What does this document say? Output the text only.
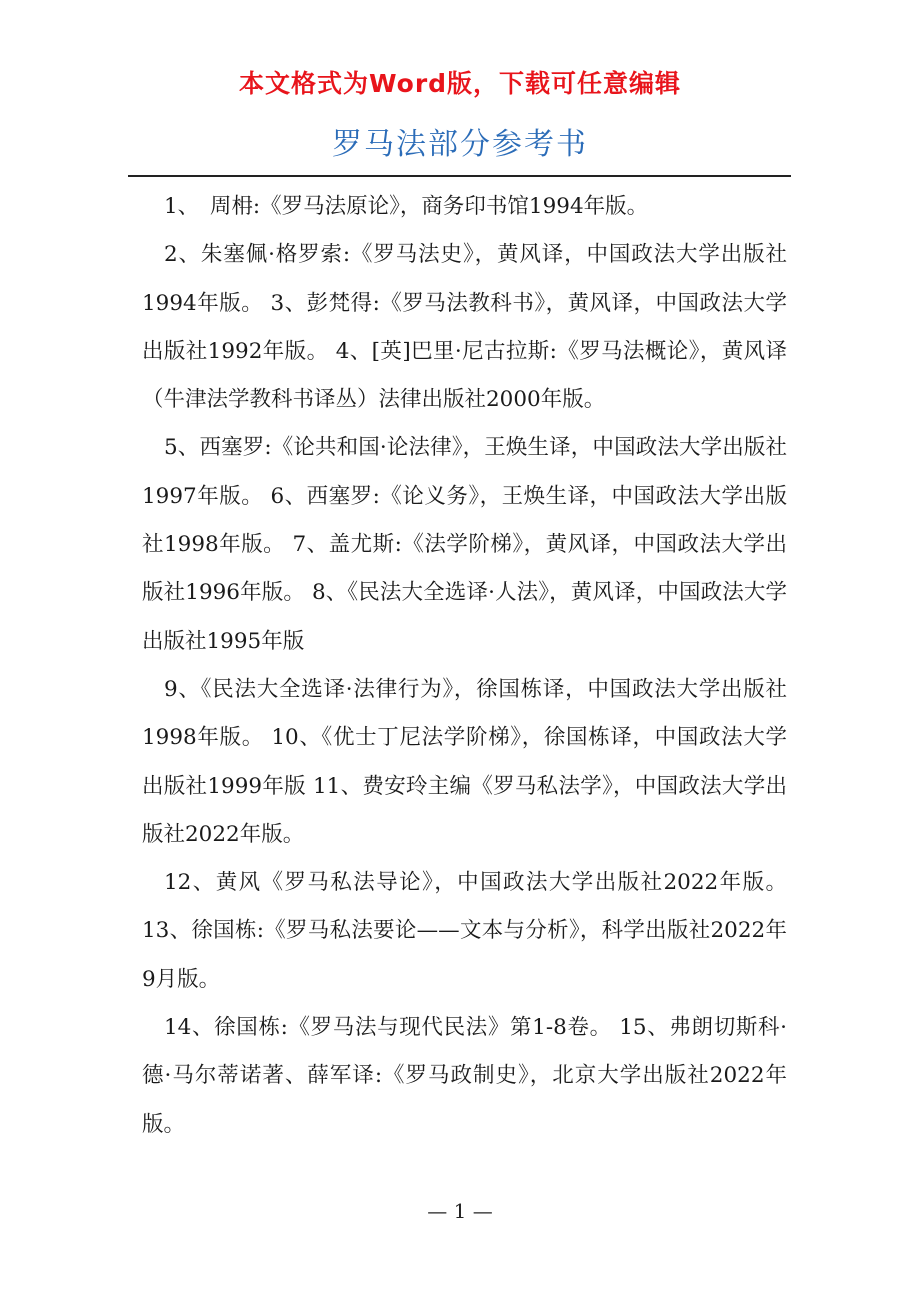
本文格式为Word版，下载可任意编辑
罗马法部分参考书

1、　周枏:《罗马法原论》，商务印书馆1994年版。

2、朱塞佩·格罗索:《罗马法史》，黄风译，中国政法大学出版社1994年版。 3、彭梵得:《罗马法教科书》，黄风译，中国政法大学出版社1992年版。 4、[英]巴里·尼古拉斯:《罗马法概论》，黄风译（牛津法学教科书译丛）法律出版社2000年版。

5、西塞罗:《论共和国·论法律》，王焕生译，中国政法大学出版社1997年版。 6、西塞罗:《论义务》，王焕生译，中国政法大学出版社1998年版。 7、盖尤斯:《法学阶梯》，黄风译，中国政法大学出版社1996年版。 8、《民法大全选译·人法》，黄风译，中国政法大学出版社1995年版

9、《民法大全选译·法律行为》，徐国栋译，中国政法大学出版社1998年版。 10、《优士丁尼法学阶梯》，徐国栋译，中国政法大学出版社1999年版 11、费安玲主编《罗马私法学》，中国政法大学出版社2022年版。

12、黄风《罗马私法导论》，中国政法大学出版社2022年版。 13、徐国栋:《罗马私法要论——文本与分析》，科学出版社2022年9月版。

14、徐国栋:《罗马法与现代民法》第1-8卷。 15、弗朗切斯科·德·马尔蒂诺著、薛军译:《罗马政制史》，北京大学出版社2022年版。

— 1 —
